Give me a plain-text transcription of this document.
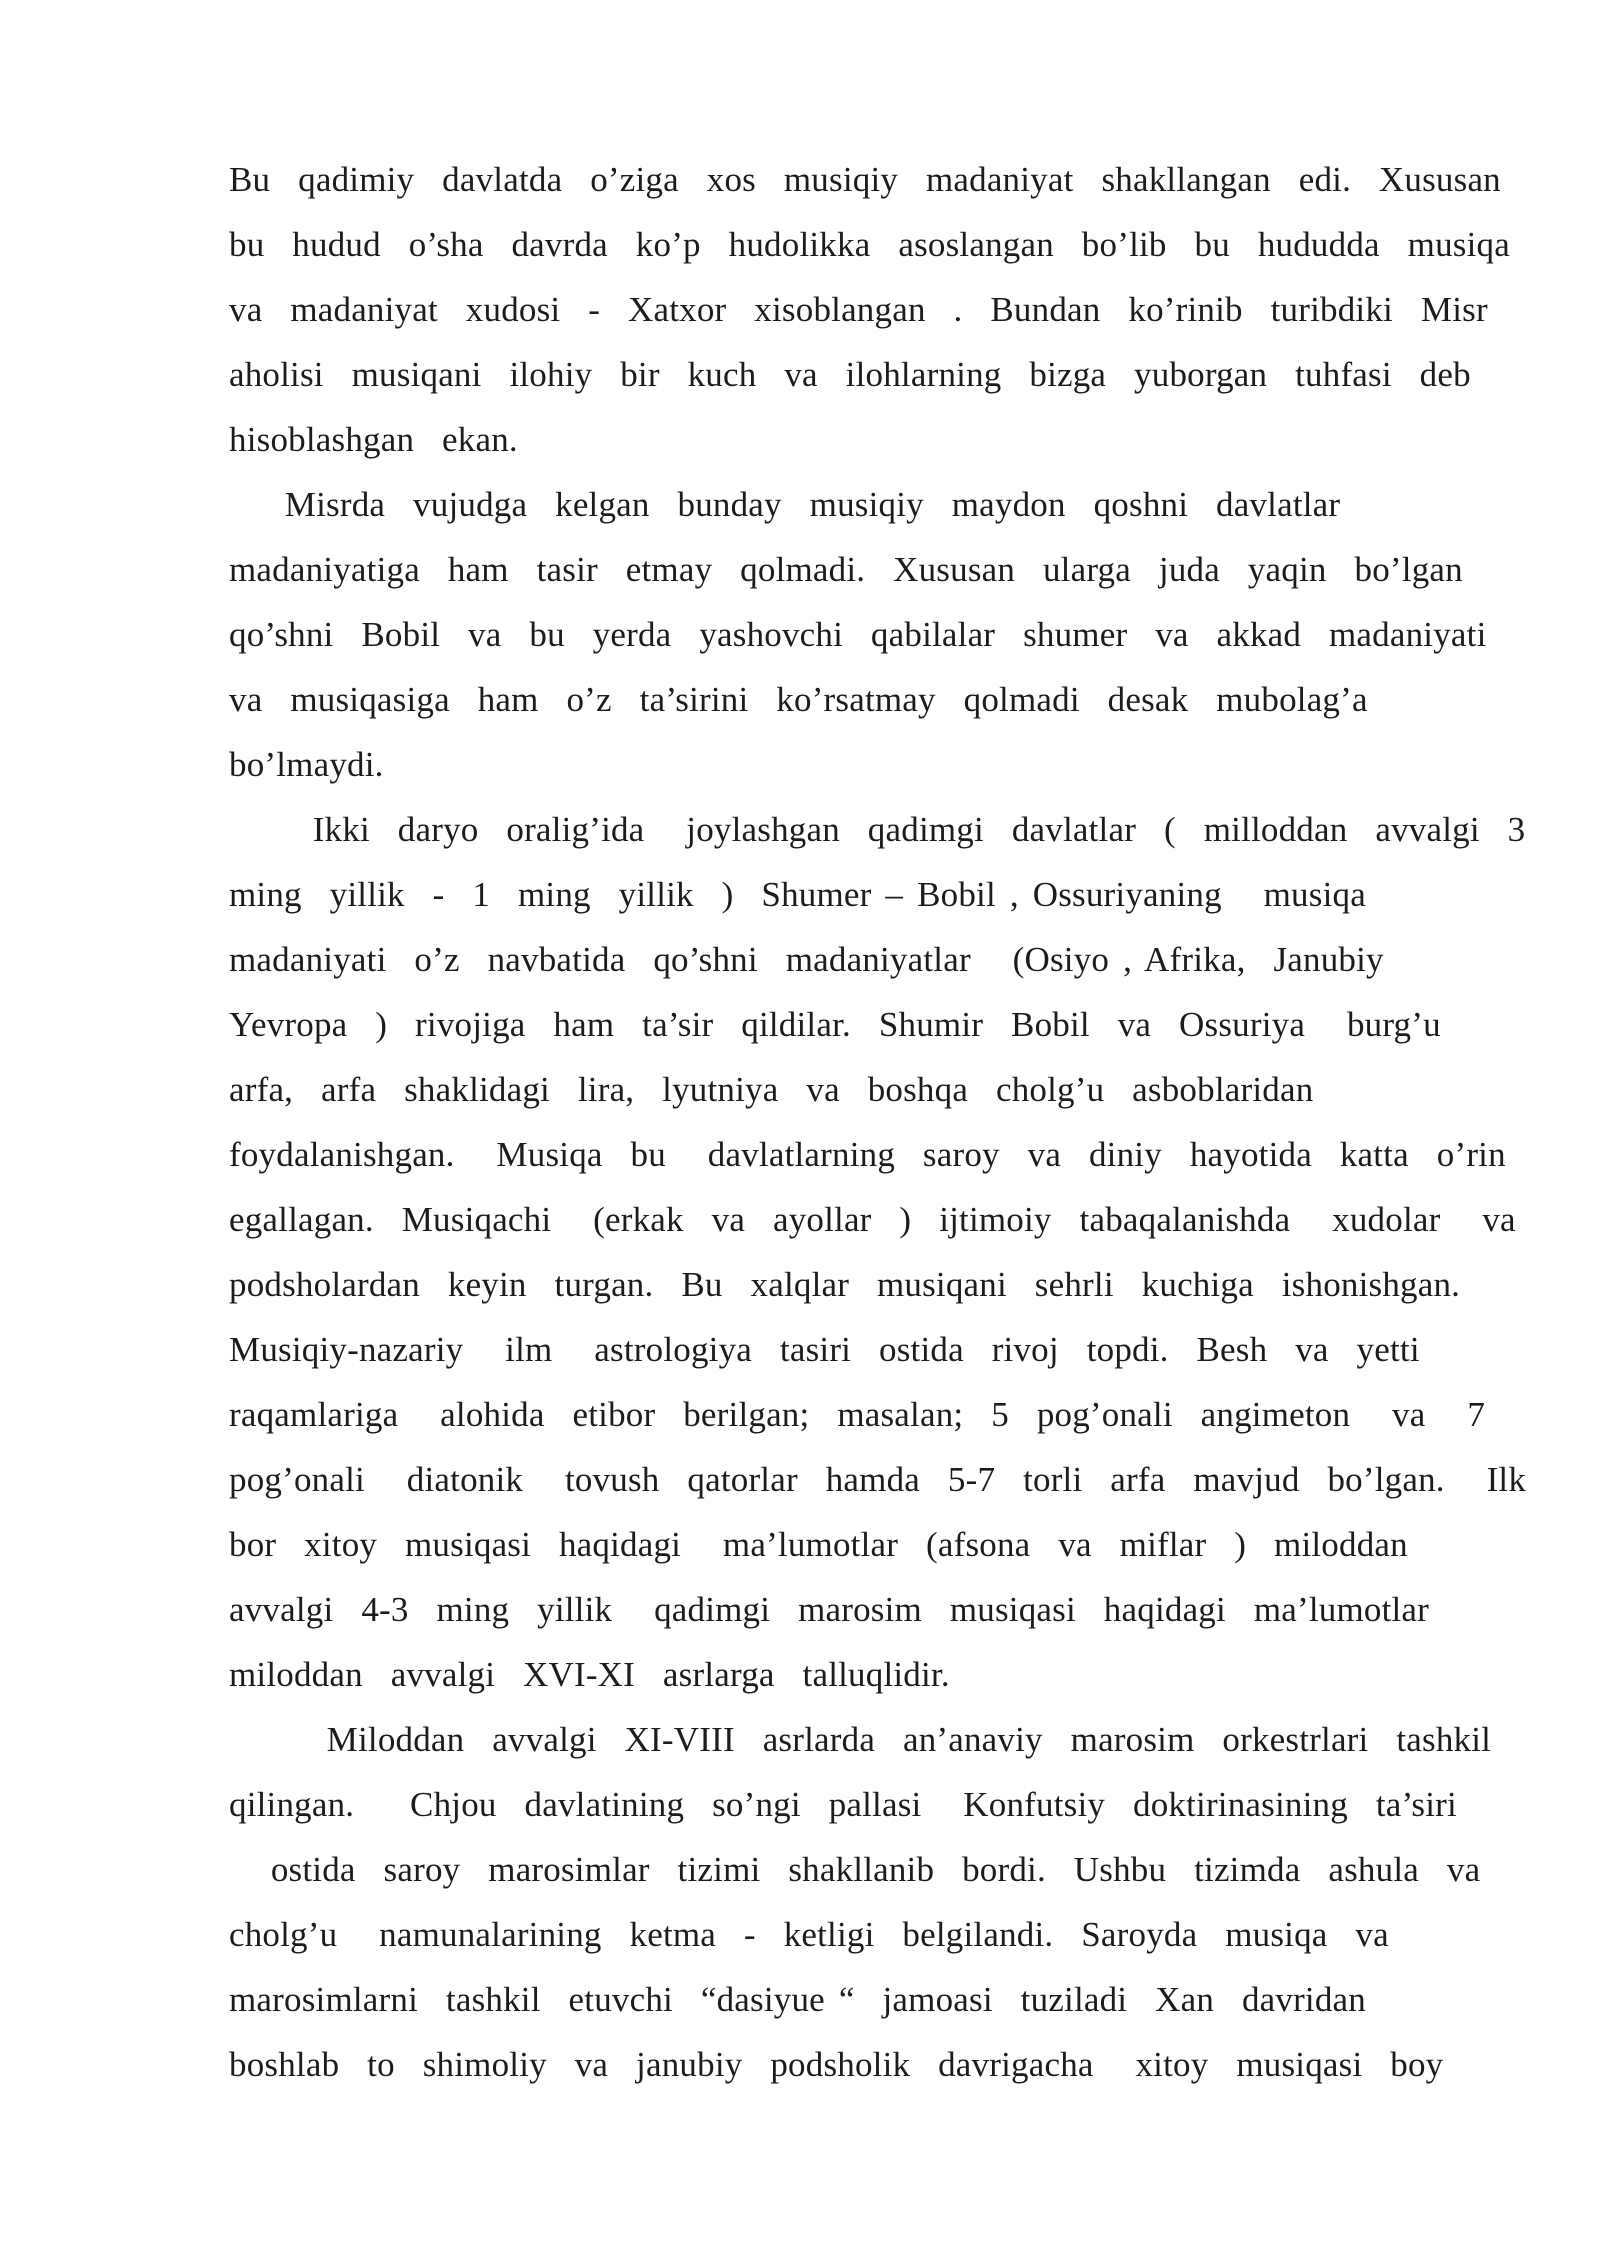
Bu  qadimiy  davlatda  o’ziga  xos  musiqiy  madaniyat  shakllangan  edi.  Xususan
bu  hudud  o’sha  davrda  ko’p  hudolikka  asoslangan  bo’lib  bu  hududda  musiqa
va  madaniyat  xudosi  -  Xatxor  xisoblangan  .  Bundan  ko’rinib  turibdiki  Misr
aholisi  musiqani  ilohiy  bir  kuch  va  ilohlarning  bizga  yuborgan  tuhfasi  deb
hisoblashgan  ekan.
Misrda  vujudga  kelgan  bunday  musiqiy  maydon  qoshni  davlatlar
madaniyatiga  ham  tasir  etmay  qolmadi.  Xususan  ularga  juda  yaqin  bo’lgan
qo’shni  Bobil  va  bu  yerda  yashovchi  qabilalar  shumer  va  akkad  madaniyati
va  musiqasiga  ham  o’z  ta’sirini  ko’rsatmay  qolmadi  desak  mubolag’a
bo’lmaydi.
Ikki  daryo  oralig’ida   joylashgan  qadimgi  davlatlar  (  milloddan  avvalgi  3
ming  yillik  -  1  ming  yillik  )  Shumer – Bobil , Ossuriyaning   musiqa
madaniyati  o’z  navbatida  qo’shni  madaniyatlar   (Osiyo , Afrika,  Janubiy
Yevropa  )  rivojiga  ham  ta’sir  qildilar.  Shumir  Bobil  va  Ossuriya   burg’u
arfa,  arfa  shaklidagi  lira,  lyutniya  va  boshqa  cholg’u  asboblaridan
foydalanishgan.   Musiqa  bu   davlatlarning  saroy  va  diniy  hayotida  katta  o’rin
egallagan.  Musiqachi   (erkak  va  ayollar  )  ijtimoiy  tabaqalanishda   xudolar   va
podsholardan  keyin  turgan.  Bu  xalqlar  musiqani  sehrli  kuchiga  ishonishgan.
Musiqiy-nazariy   ilm   astrologiya  tasiri  ostida  rivoj  topdi.  Besh  va  yetti
raqamlariga   alohida  etibor  berilgan;  masalan;  5  pog’onali  angimeton   va   7
pog’onali   diatonik   tovush  qatorlar  hamda  5-7  torli  arfa  mavjud  bo’lgan.   Ilk
bor  xitoy  musiqasi  haqidagi   ma’lumotlar  (afsona  va  miflar  )  miloddan
avvalgi  4-3  ming  yillik   qadimgi  marosim  musiqasi  haqidagi  ma’lumotlar
miloddan  avvalgi  XVI-XI  asrlarga  talluqlidir.
Miloddan  avvalgi  XI-VIII  asrlarda  an’anaviy  marosim  orkestrlari  tashkil
qilingan.    Chjou  davlatining  so’ngi  pallasi   Konfutsiy  doktirinasining  ta’siri
ostida  saroy  marosimlar  tizimi  shakllanib  bordi.  Ushbu  tizimda  ashula  va
cholg’u   namunalarining  ketma  -  ketligi  belgilandi.  Saroyda  musiqa  va
marosimlarni  tashkil  etuvchi  “dasiyue “  jamoasi  tuziladi  Xan  davridan
boshlab  to  shimoliy  va  janubiy  podsholik  davrigacha   xitoy  musiqasi  boy
